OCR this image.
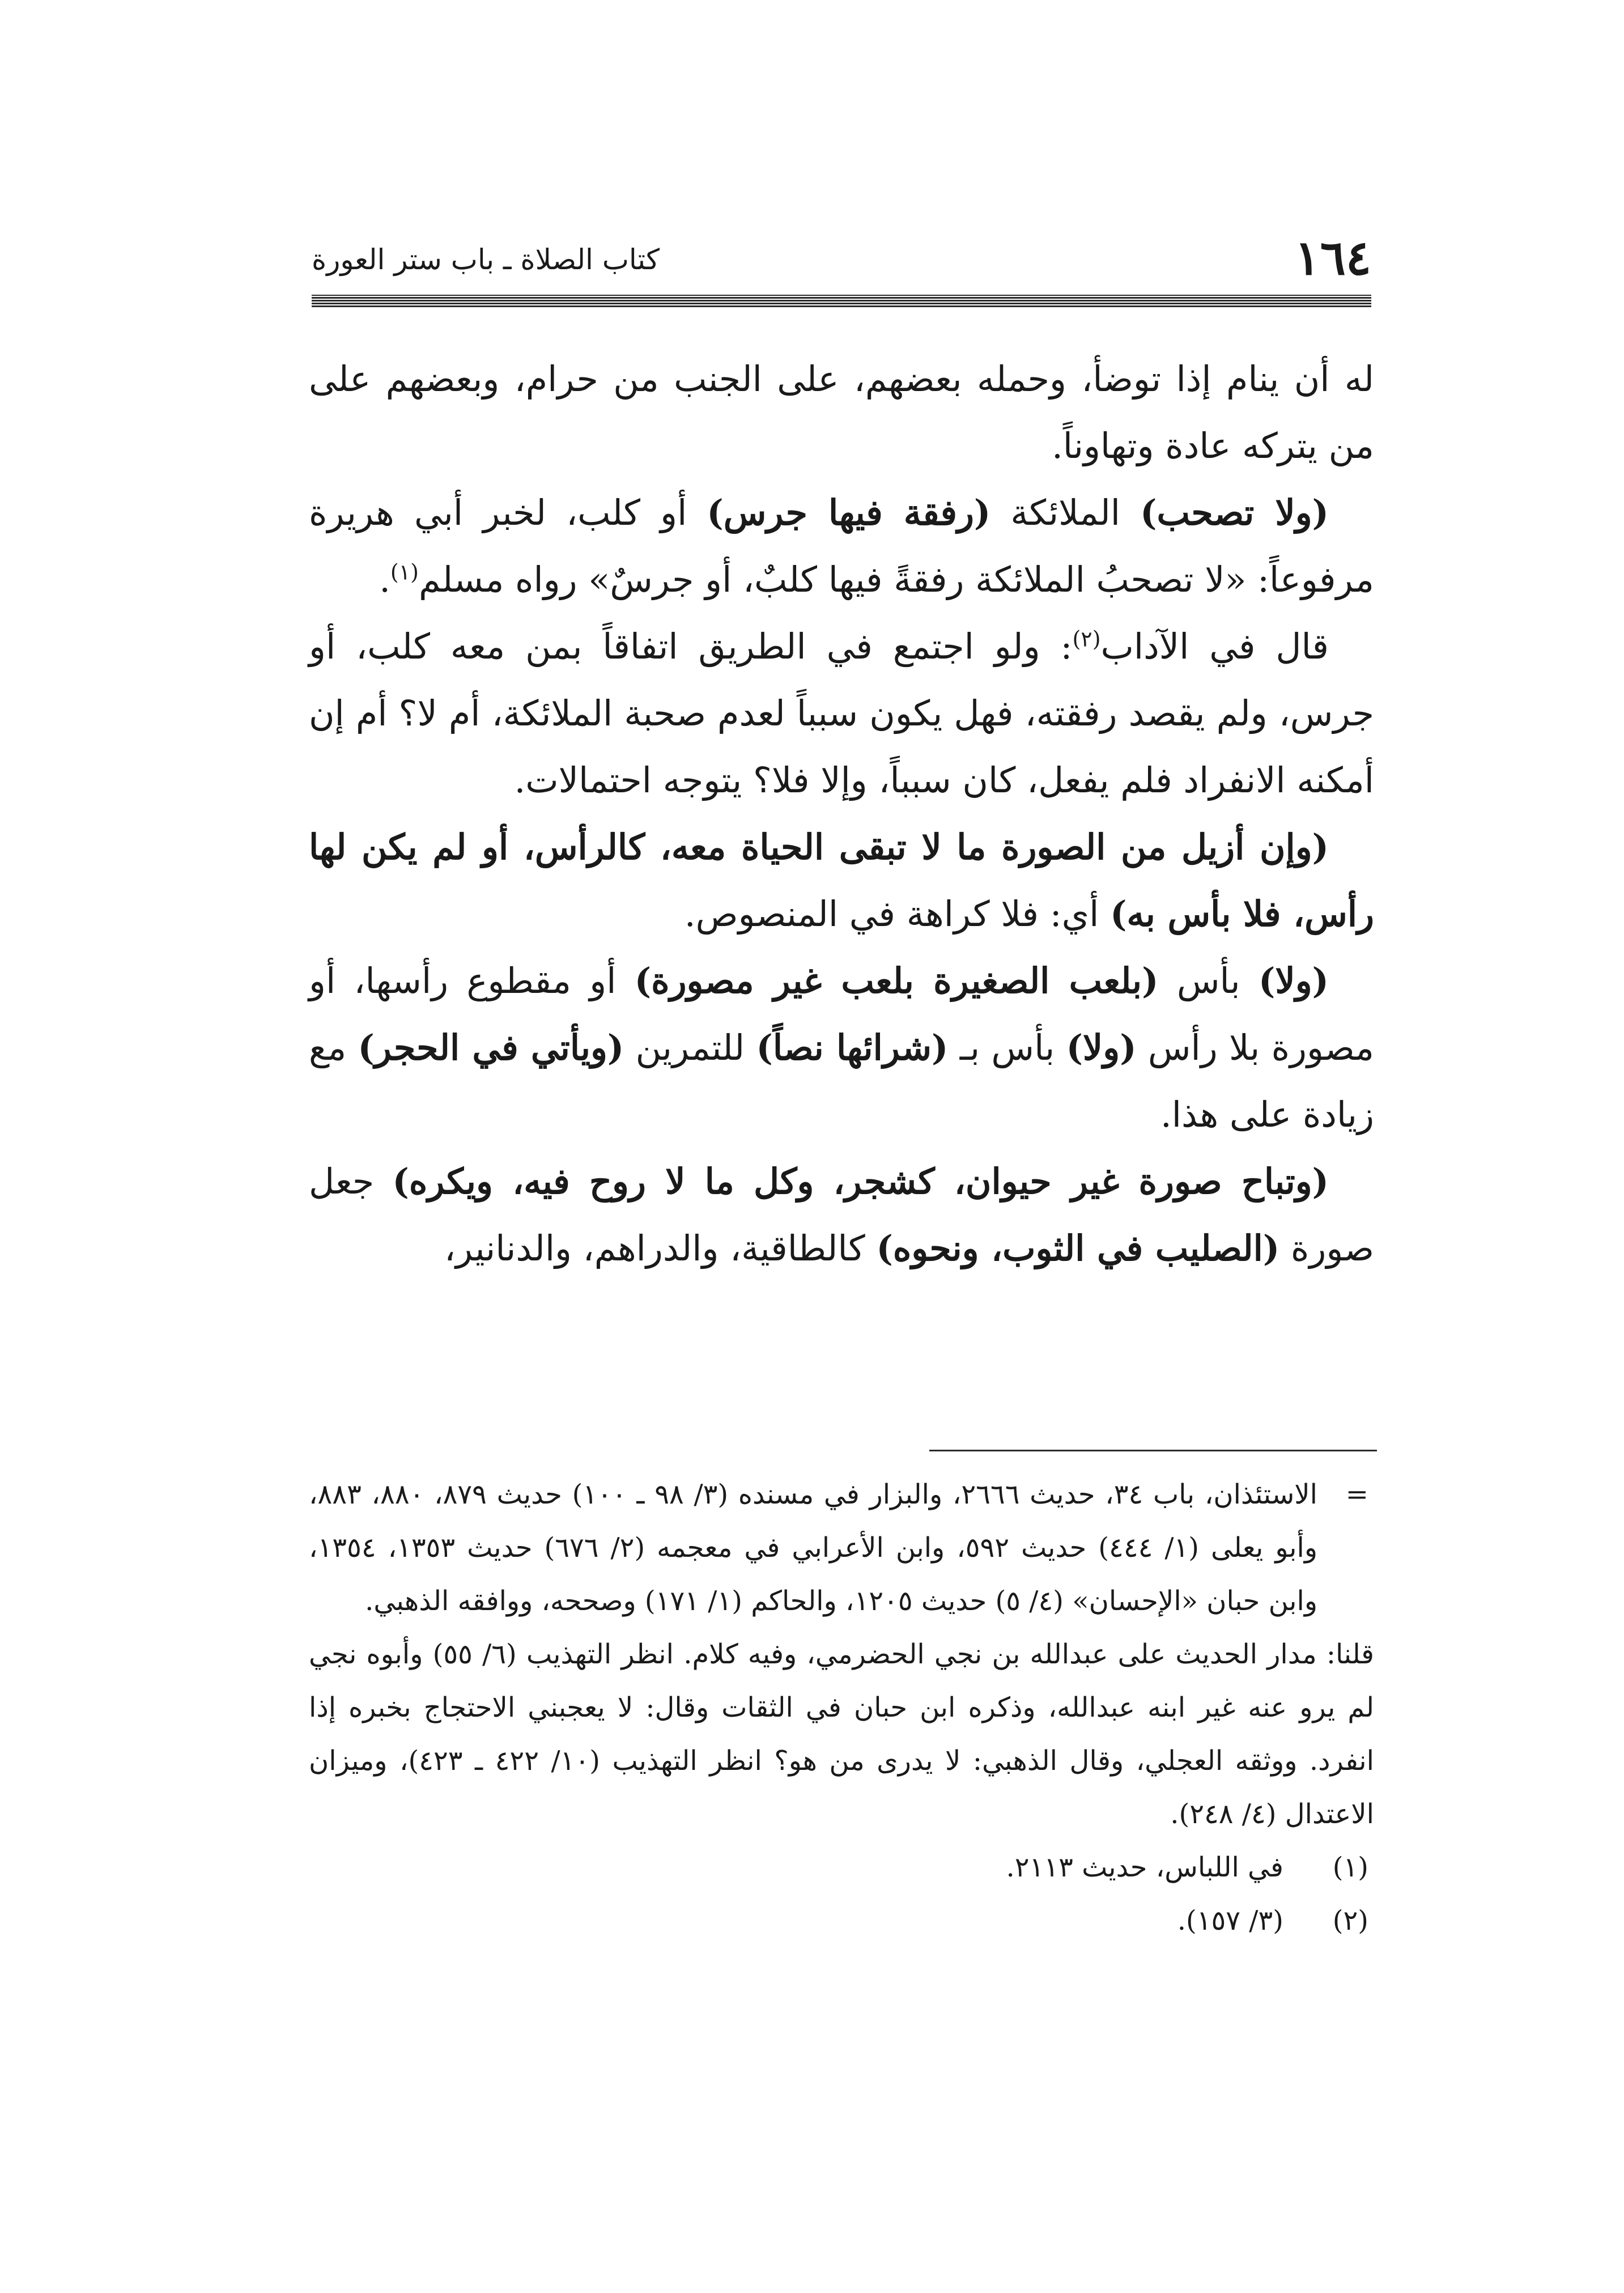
١٦٤
كتاب الصلاة ـ باب ستر العورة

له أن ينام إذا توضأ، وحمله بعضهم، على الجنب من حرام، وبعضهم على من يتركه عادة وتهاوناً.

(ولا تصحب) الملائكة (رفقة فيها جرس) أو كلب، لخبر أبي هريرة مرفوعاً: «لا تصحبُ الملائكة رفقةً فيها كلبٌ، أو جرسٌ» رواه مسلم$^{(١)}$.

قال في الآداب$^{(٢)}$: ولو اجتمع في الطريق اتفاقاً بمن معه كلب، أو جرس، ولم يقصد رفقته، فهل يكون سبباً لعدم صحبة الملائكة، أم لا؟ أم إن أمكنه الانفراد فلم يفعل، كان سبباً، وإلا فلا؟ يتوجه احتمالات.

(وإن أزيل من الصورة ما لا تبقى الحياة معه، كالرأس، أو لم يكن لها رأس، فلا بأس به) أي: فلا كراهة في المنصوص.

(ولا) بأس (بلعب الصغيرة بلعب غير مصورة) أو مقطوع رأسها، أو مصورة بلا رأس (ولا) بأس بـ (شرائها نصاً) للتمرين (ويأتي في الحجر) مع زيادة على هذا.

(وتباح صورة غير حيوان، كشجر، وكل ما لا روح فيه، ويكره) جعل صورة (الصليب في الثوب، ونحوه) كالطاقية، والدراهم، والدنانير،

=
الاستئذان، باب ٣٤، حديث ٢٦٦٦، والبزار في مسنده (٣/ ٩٨ ـ ١٠٠) حديث ٨٧٩، ٨٨٠، ٨٨٣، وأبو يعلى (١/ ٤٤٤) حديث ٥٩٢، وابن الأعرابي في معجمه (٢/ ٦٧٦) حديث ١٣٥٣، ١٣٥٤، وابن حبان «الإحسان» (٤/ ٥) حديث ١٢٠٥، والحاكم (١/ ١٧١) وصححه، ووافقه الذهبي.

قلنا: مدار الحديث على عبدالله بن نجي الحضرمي، وفيه كلام. انظر التهذيب (٦/ ٥٥) وأبوه نجي لم يرو عنه غير ابنه عبدالله، وذكره ابن حبان في الثقات وقال: لا يعجبني الاحتجاج بخبره إذا انفرد. ووثقه العجلي، وقال الذهبي: لا يدرى من هو؟ انظر التهذيب (١٠/ ٤٢٢ ـ ٤٢٣)، وميزان الاعتدال (٤/ ٢٤٨).

(١)
في اللباس، حديث ٢١١٣.

(٢)
(٣/ ١٥٧).
